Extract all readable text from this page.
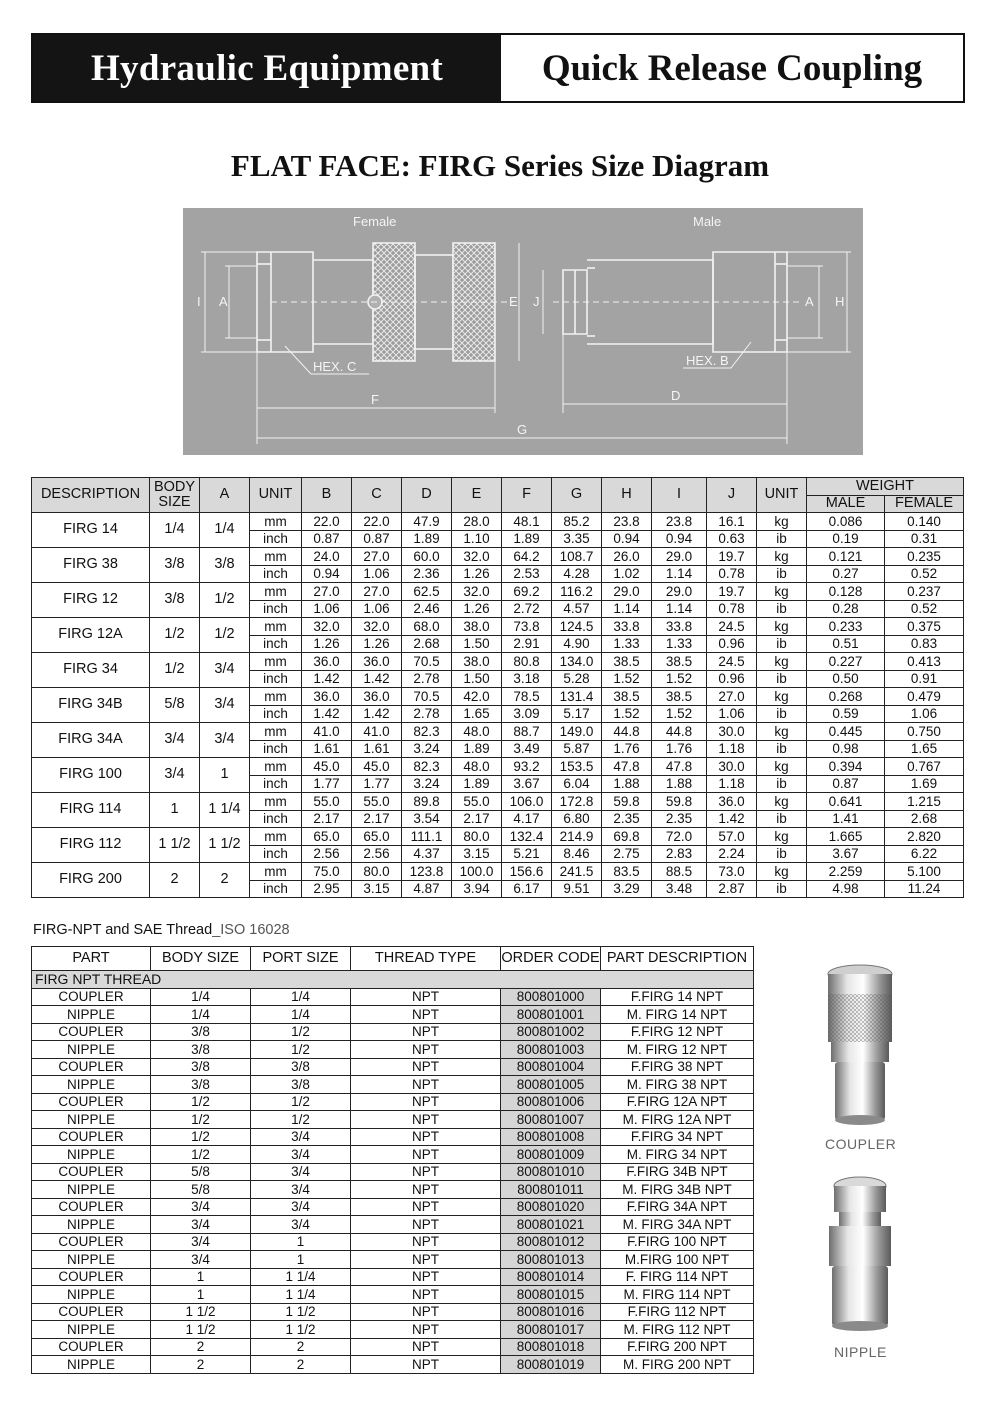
Hydraulic Equipment	Quick Release Coupling
FLAT FACE: FIRG Series Size Diagram
Female	Male
I A	E J	A H
F	D
G
HEX. C	HEX. B
DESCRIPTION	BODY SIZE	A	UNIT	B	C	D	E	F	G	H	I	J	UNIT	WEIGHT	
														MALE	FEMALE
FIRG 14	1/4	1/4	mm	22.0	22.0	47.9	28.0	48.1	85.2	23.8	23.8	16.1	kg	0.086	0.140
			inch	0.87	0.87	1.89	1.10	1.89	3.35	0.94	0.94	0.63	ib	0.19	0.31
FIRG 38	3/8	3/8	mm	24.0	27.0	60.0	32.0	64.2	108.7	26.0	29.0	19.7	kg	0.121	0.235
			inch	0.94	1.06	2.36	1.26	2.53	4.28	1.02	1.14	0.78	ib	0.27	0.52
FIRG 12	3/8	1/2	mm	27.0	27.0	62.5	32.0	69.2	116.2	29.0	29.0	19.7	kg	0.128	0.237
			inch	1.06	1.06	2.46	1.26	2.72	4.57	1.14	1.14	0.78	ib	0.28	0.52
FIRG 12A	1/2	1/2	mm	32.0	32.0	68.0	38.0	73.8	124.5	33.8	33.8	24.5	kg	0.233	0.375
			inch	1.26	1.26	2.68	1.50	2.91	4.90	1.33	1.33	0.96	ib	0.51	0.83
FIRG 34	1/2	3/4	mm	36.0	36.0	70.5	38.0	80.8	134.0	38.5	38.5	24.5	kg	0.227	0.413
			inch	1.42	1.42	2.78	1.50	3.18	5.28	1.52	1.52	0.96	ib	0.50	0.91
FIRG 34B	5/8	3/4	mm	36.0	36.0	70.5	42.0	78.5	131.4	38.5	38.5	27.0	kg	0.268	0.479
			inch	1.42	1.42	2.78	1.65	3.09	5.17	1.52	1.52	1.06	ib	0.59	1.06
FIRG 34A	3/4	3/4	mm	41.0	41.0	82.3	48.0	88.7	149.0	44.8	44.8	30.0	kg	0.445	0.750
			inch	1.61	1.61	3.24	1.89	3.49	5.87	1.76	1.76	1.18	ib	0.98	1.65
FIRG 100	3/4	1	mm	45.0	45.0	82.3	48.0	93.2	153.5	47.8	47.8	30.0	kg	0.394	0.767
			inch	1.77	1.77	3.24	1.89	3.67	6.04	1.88	1.88	1.18	ib	0.87	1.69
FIRG 114	1	1 1/4	mm	55.0	55.0	89.8	55.0	106.0	172.8	59.8	59.8	36.0	kg	0.641	1.215
			inch	2.17	2.17	3.54	2.17	4.17	6.80	2.35	2.35	1.42	ib	1.41	2.68
FIRG 112	1 1/2	1 1/2	mm	65.0	65.0	111.1	80.0	132.4	214.9	69.8	72.0	57.0	kg	1.665	2.820
			inch	2.56	2.56	4.37	3.15	5.21	8.46	2.75	2.83	2.24	ib	3.67	6.22
FIRG 200	2	2	mm	75.0	80.0	123.8	100.0	156.6	241.5	83.5	88.5	73.0	kg	2.259	5.100
			inch	2.95	3.15	4.87	3.94	6.17	9.51	3.29	3.48	2.87	ib	4.98	11.24
FIRG-NPT and SAE Thread_ISO 16028
PART	BODY SIZE	PORT SIZE	THREAD TYPE	ORDER CODE	PART DESCRIPTION
FIRG NPT THREAD					
COUPLER	1/4	1/4	NPT	800801000	F.FIRG 14 NPT
NIPPLE	1/4	1/4	NPT	800801001	M. FIRG 14 NPT
COUPLER	3/8	1/2	NPT	800801002	F.FIRG 12 NPT
NIPPLE	3/8	1/2	NPT	800801003	M. FIRG 12 NPT
COUPLER	3/8	3/8	NPT	800801004	F.FIRG 38 NPT
NIPPLE	3/8	3/8	NPT	800801005	M. FIRG 38 NPT
COUPLER	1/2	1/2	NPT	800801006	F.FIRG 12A NPT
NIPPLE	1/2	1/2	NPT	800801007	M. FIRG 12A NPT
COUPLER	1/2	3/4	NPT	800801008	F.FIRG 34 NPT
NIPPLE	1/2	3/4	NPT	800801009	M. FIRG 34 NPT
COUPLER	5/8	3/4	NPT	800801010	F.FIRG 34B NPT
NIPPLE	5/8	3/4	NPT	800801011	M. FIRG 34B NPT
COUPLER	3/4	3/4	NPT	800801020	F.FIRG 34A NPT
NIPPLE	3/4	3/4	NPT	800801021	M. FIRG 34A NPT
COUPLER	3/4	1	NPT	800801012	F.FIRG 100 NPT
NIPPLE	3/4	1	NPT	800801013	M.FIRG 100 NPT
COUPLER	1	1 1/4	NPT	800801014	F. FIRG 114 NPT
NIPPLE	1	1 1/4	NPT	800801015	M. FIRG 114 NPT
COUPLER	1 1/2	1 1/2	NPT	800801016	F.FIRG 112 NPT
NIPPLE	1 1/2	1 1/2	NPT	800801017	M. FIRG 112 NPT
COUPLER	2	2	NPT	800801018	F.FIRG 200 NPT
NIPPLE	2	2	NPT	800801019	M. FIRG 200 NPT
COUPLER
NIPPLE
